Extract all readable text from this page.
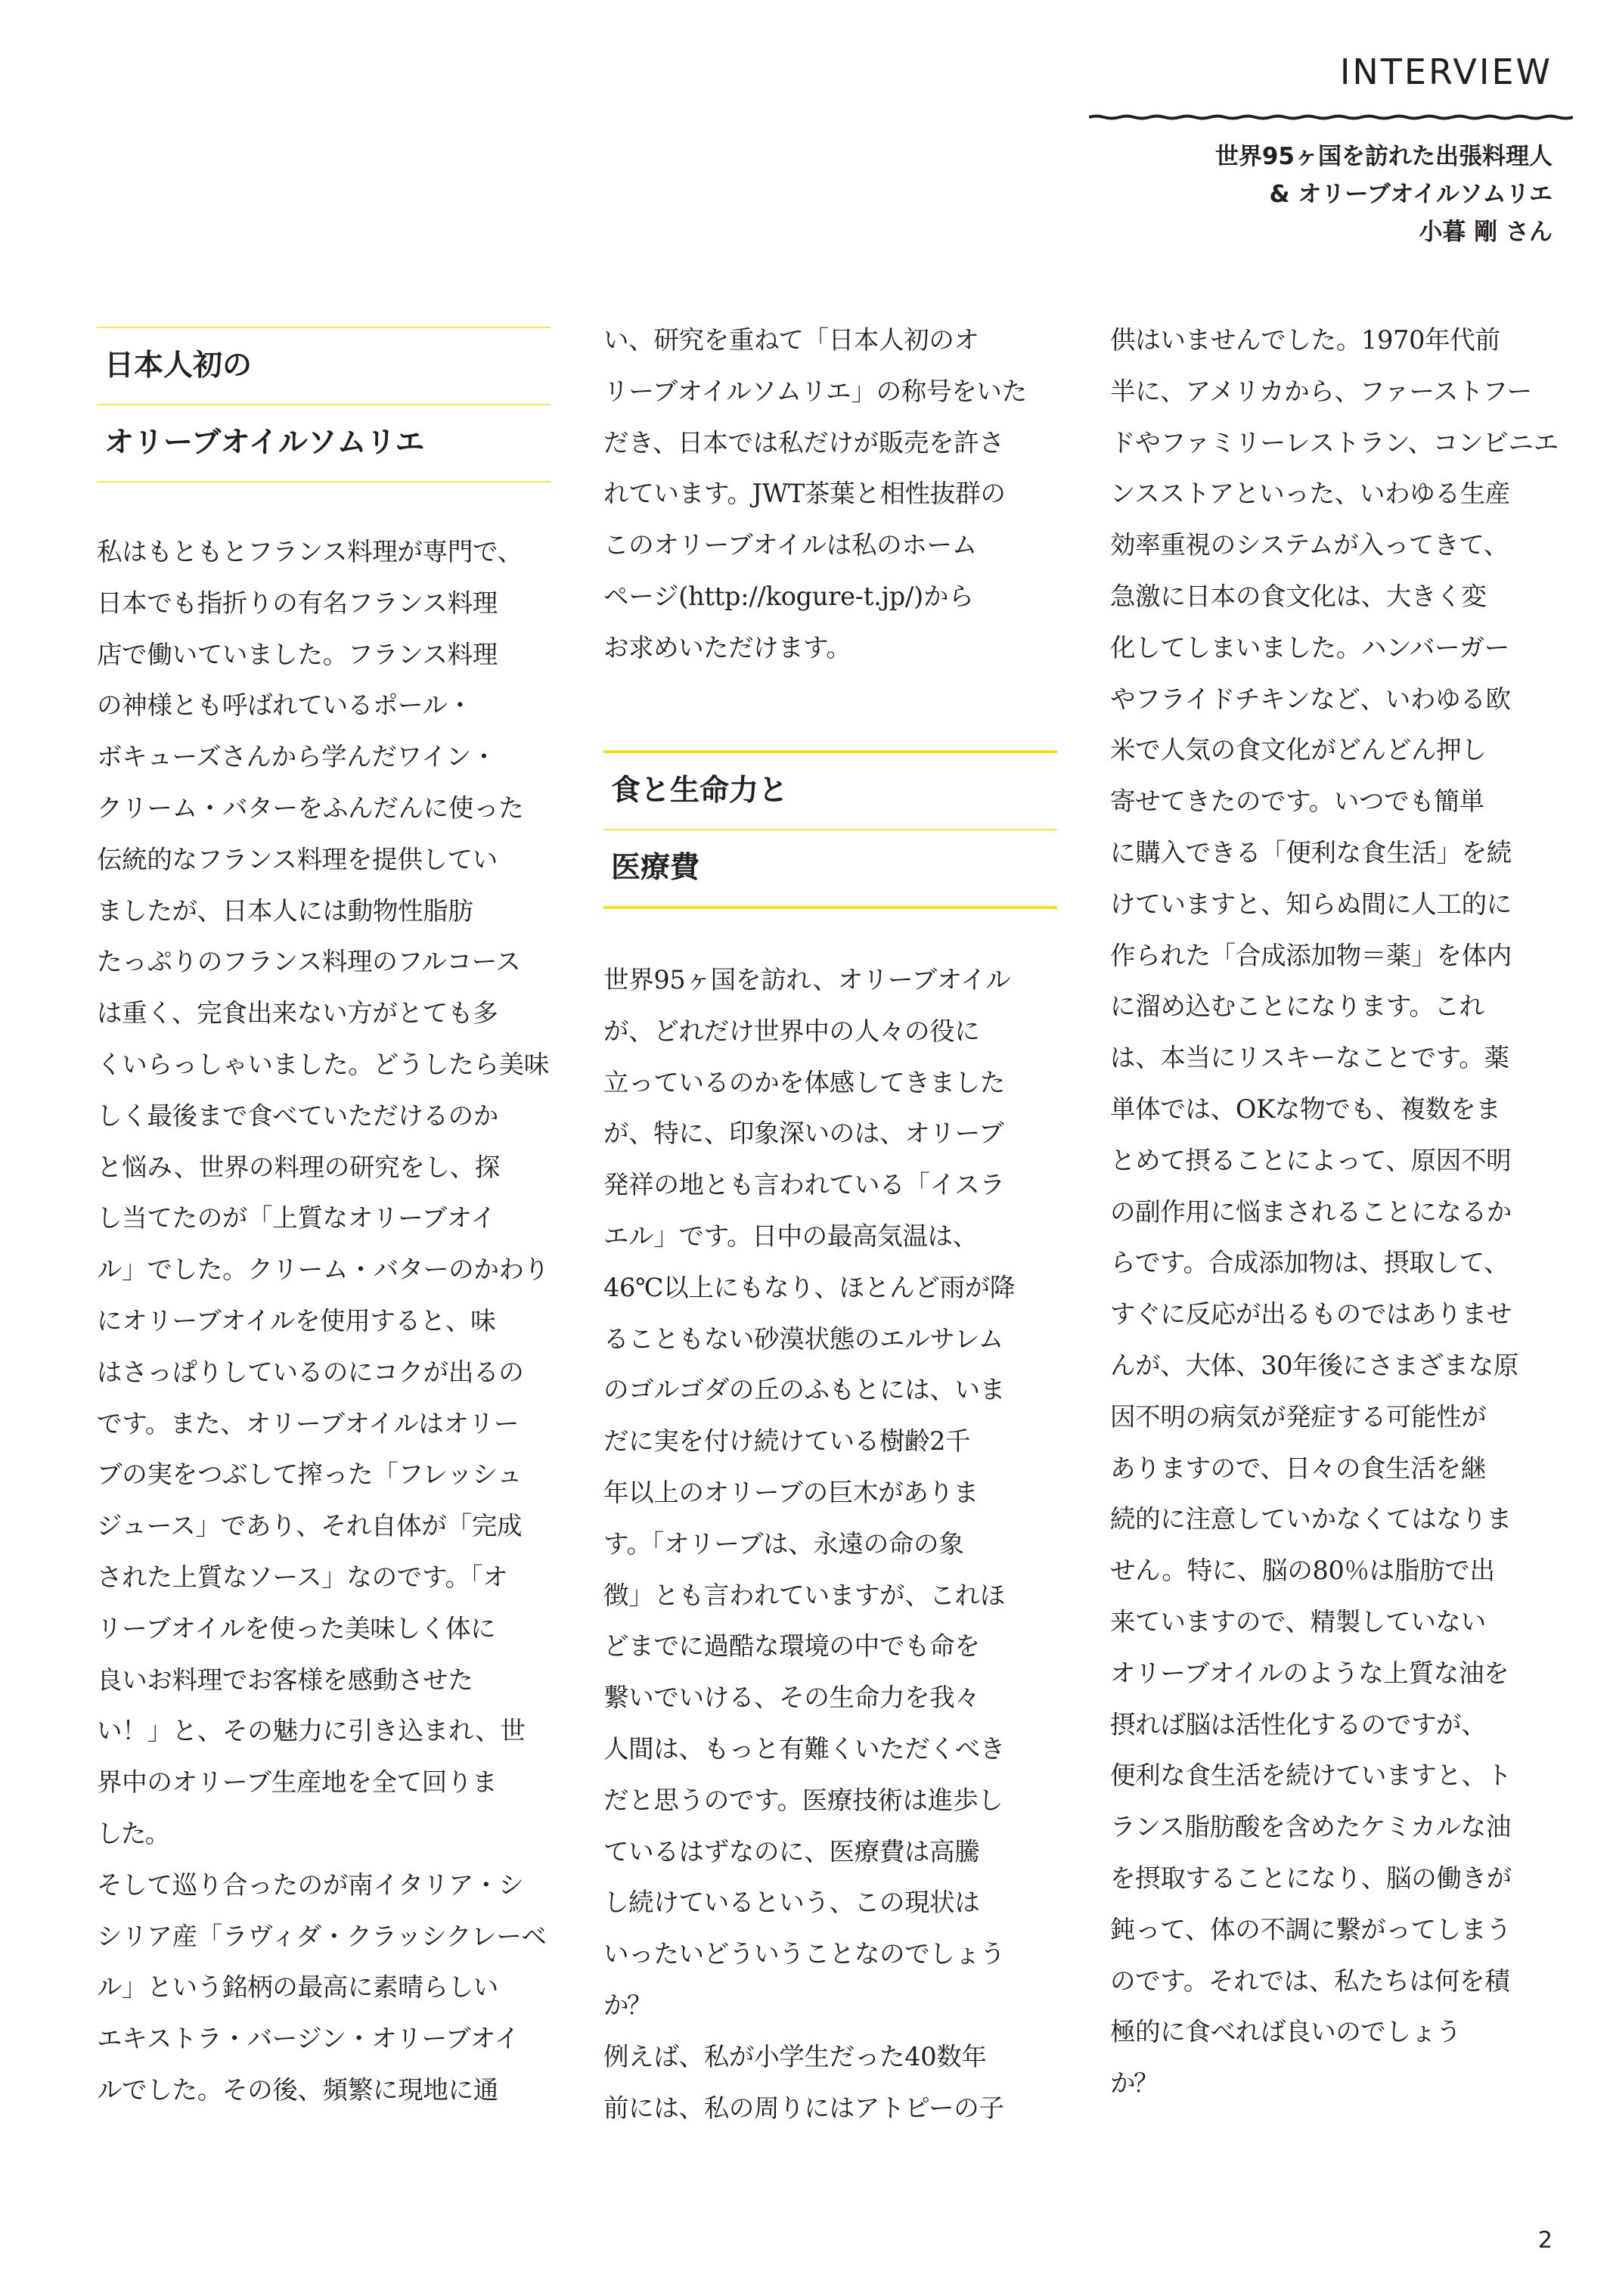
INTERVIEW
世界95ヶ国を訪れた出張料理人
& オリーブオイルソムリエ
小暮 剛 さん
日本人初の
オリーブオイルソムリエ
私はもともとフランス料理が専門で、
日本でも指折りの有名フランス料理
店で働いていました。フランス料理
の神様とも呼ばれているポール・
ボキューズさんから学んだワイン・
クリーム・バターをふんだんに使った
伝統的なフランス料理を提供してい
ましたが、日本人には動物性脂肪
たっぷりのフランス料理のフルコース
は重く、完食出来ない方がとても多
くいらっしゃいました。どうしたら美味
しく最後まで食べていただけるのか
と悩み、世界の料理の研究をし、探
し当てたのが「上質なオリーブオイ
ル」でした。クリーム・バターのかわり
にオリーブオイルを使用すると、味
はさっぱりしているのにコクが出るの
です。また、オリーブオイルはオリー
ブの実をつぶして搾った「フレッシュ
ジュース」であり、それ自体が「完成
された上質なソース」なのです。「オ
リーブオイルを使った美味しく体に
良いお料理でお客様を感動させた
い！」と、その魅力に引き込まれ、世
界中のオリーブ生産地を全て回りま
した。
そして巡り合ったのが南イタリア・シ
シリア産「ラヴィダ・クラッシクレーベ
ル」という銘柄の最高に素晴らしい
エキストラ・バージン・オリーブオイ
ルでした。その後、頻繁に現地に通
い、研究を重ねて「日本人初のオ
リーブオイルソムリエ」の称号をいた
だき、日本では私だけが販売を許さ
れています。JWT茶葉と相性抜群の
このオリーブオイルは私のホーム
ページ(http://kogure-t.jp/)から
お求めいただけます。
食と生命力と
医療費
世界95ヶ国を訪れ、オリーブオイル
が、どれだけ世界中の人々の役に
立っているのかを体感してきました
が、特に、印象深いのは、オリーブ
発祥の地とも言われている「イスラ
エル」です。日中の最高気温は、
46℃以上にもなり、ほとんど雨が降
ることもない砂漠状態のエルサレム
のゴルゴダの丘のふもとには、いま
だに実を付け続けている樹齢2千
年以上のオリーブの巨木がありま
す。「オリーブは、永遠の命の象
徴」とも言われていますが、これほ
どまでに過酷な環境の中でも命を
繋いでいける、その生命力を我々
人間は、もっと有難くいただくべき
だと思うのです。医療技術は進歩し
ているはずなのに、医療費は高騰
し続けているという、この現状は
いったいどういうことなのでしょう
か？
例えば、私が小学生だった40数年
前には、私の周りにはアトピーの子
供はいませんでした。1970年代前
半に、アメリカから、ファーストフー
ドやファミリーレストラン、コンビニエ
ンスストアといった、いわゆる生産
効率重視のシステムが入ってきて、
急激に日本の食文化は、大きく変
化してしまいました。ハンバーガー
やフライドチキンなど、いわゆる欧
米で人気の食文化がどんどん押し
寄せてきたのです。いつでも簡単
に購入できる「便利な食生活」を続
けていますと、知らぬ間に人工的に
作られた「合成添加物＝薬」を体内
に溜め込むことになります。これ
は、本当にリスキーなことです。薬
単体では、OKな物でも、複数をま
とめて摂ることによって、原因不明
の副作用に悩まされることになるか
らです。合成添加物は、摂取して、
すぐに反応が出るものではありませ
んが、大体、30年後にさまざまな原
因不明の病気が発症する可能性が
ありますので、日々の食生活を継
続的に注意していかなくてはなりま
せん。特に、脳の80％は脂肪で出
来ていますので、精製していない
オリーブオイルのような上質な油を
摂れば脳は活性化するのですが、
便利な食生活を続けていますと、ト
ランス脂肪酸を含めたケミカルな油
を摂取することになり、脳の働きが
鈍って、体の不調に繋がってしまう
のです。それでは、私たちは何を積
極的に食べれば良いのでしょう
か？
2
